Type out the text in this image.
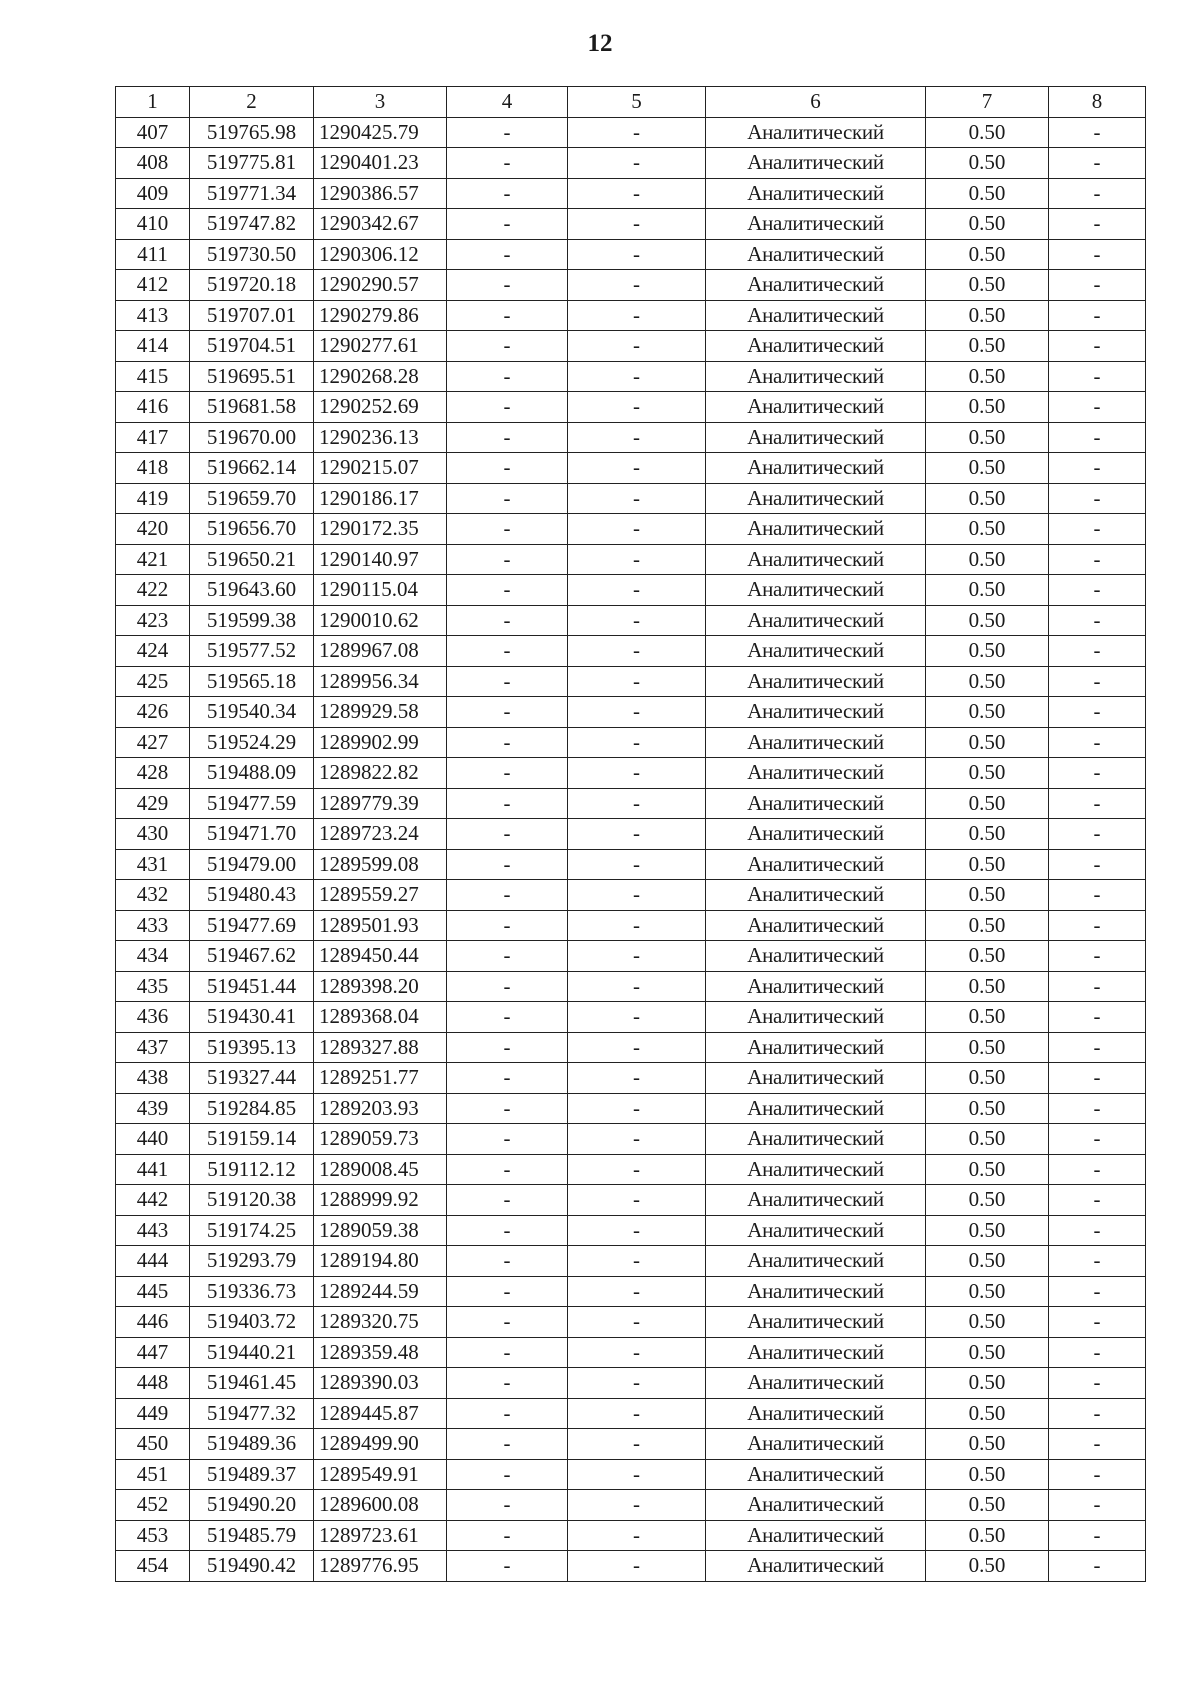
12
1	2	3	4	5	6	7	8
407	519765.98	1290425.79	-	-	Аналитический	0.50	-
408	519775.81	1290401.23	-	-	Аналитический	0.50	-
409	519771.34	1290386.57	-	-	Аналитический	0.50	-
410	519747.82	1290342.67	-	-	Аналитический	0.50	-
411	519730.50	1290306.12	-	-	Аналитический	0.50	-
412	519720.18	1290290.57	-	-	Аналитический	0.50	-
413	519707.01	1290279.86	-	-	Аналитический	0.50	-
414	519704.51	1290277.61	-	-	Аналитический	0.50	-
415	519695.51	1290268.28	-	-	Аналитический	0.50	-
416	519681.58	1290252.69	-	-	Аналитический	0.50	-
417	519670.00	1290236.13	-	-	Аналитический	0.50	-
418	519662.14	1290215.07	-	-	Аналитический	0.50	-
419	519659.70	1290186.17	-	-	Аналитический	0.50	-
420	519656.70	1290172.35	-	-	Аналитический	0.50	-
421	519650.21	1290140.97	-	-	Аналитический	0.50	-
422	519643.60	1290115.04	-	-	Аналитический	0.50	-
423	519599.38	1290010.62	-	-	Аналитический	0.50	-
424	519577.52	1289967.08	-	-	Аналитический	0.50	-
425	519565.18	1289956.34	-	-	Аналитический	0.50	-
426	519540.34	1289929.58	-	-	Аналитический	0.50	-
427	519524.29	1289902.99	-	-	Аналитический	0.50	-
428	519488.09	1289822.82	-	-	Аналитический	0.50	-
429	519477.59	1289779.39	-	-	Аналитический	0.50	-
430	519471.70	1289723.24	-	-	Аналитический	0.50	-
431	519479.00	1289599.08	-	-	Аналитический	0.50	-
432	519480.43	1289559.27	-	-	Аналитический	0.50	-
433	519477.69	1289501.93	-	-	Аналитический	0.50	-
434	519467.62	1289450.44	-	-	Аналитический	0.50	-
435	519451.44	1289398.20	-	-	Аналитический	0.50	-
436	519430.41	1289368.04	-	-	Аналитический	0.50	-
437	519395.13	1289327.88	-	-	Аналитический	0.50	-
438	519327.44	1289251.77	-	-	Аналитический	0.50	-
439	519284.85	1289203.93	-	-	Аналитический	0.50	-
440	519159.14	1289059.73	-	-	Аналитический	0.50	-
441	519112.12	1289008.45	-	-	Аналитический	0.50	-
442	519120.38	1288999.92	-	-	Аналитический	0.50	-
443	519174.25	1289059.38	-	-	Аналитический	0.50	-
444	519293.79	1289194.80	-	-	Аналитический	0.50	-
445	519336.73	1289244.59	-	-	Аналитический	0.50	-
446	519403.72	1289320.75	-	-	Аналитический	0.50	-
447	519440.21	1289359.48	-	-	Аналитический	0.50	-
448	519461.45	1289390.03	-	-	Аналитический	0.50	-
449	519477.32	1289445.87	-	-	Аналитический	0.50	-
450	519489.36	1289499.90	-	-	Аналитический	0.50	-
451	519489.37	1289549.91	-	-	Аналитический	0.50	-
452	519490.20	1289600.08	-	-	Аналитический	0.50	-
453	519485.79	1289723.61	-	-	Аналитический	0.50	-
454	519490.42	1289776.95	-	-	Аналитический	0.50	-
